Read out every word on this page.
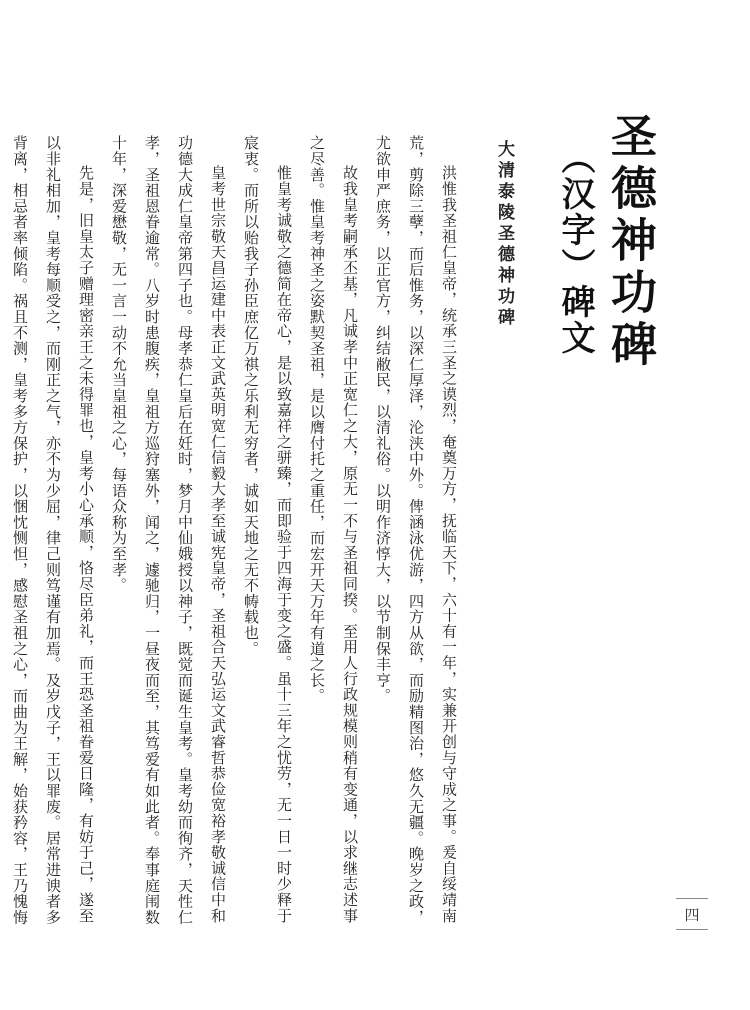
圣德神功碑
（汉字）碑文
大清泰陵圣德神功碑

洪惟我圣祖仁皇帝，统承三圣之谟烈，奄奠万方，抚临天下，六十有一年，实兼开创与守成之事。爰自绥靖南荒，剪除三孽，而后惟务，以深仁厚泽，沦浃中外。俾涵泳优游，四方从欲，而励精图治，悠久无疆。晚岁之政，尤欲申严庶务，以正官方，纠结敝民，以清礼俗。以明作济惇大，以节制保丰亨。

故我皇考嗣承丕基，凡诚孝中正宽仁之大，原无一不与圣祖同揆。至用人行政规模则稍有变通，以求继志述事之尽善。惟皇考神圣之姿默契圣祖，是以膺付托之重任，而宏开天万年有道之长。

惟皇考诚敬之德简在帝心，是以致嘉祥之骈臻，而即验于四海于变之盛。虽十三年之忧劳，无一日一时少释于宸衷。而所以贻我子孙臣庶亿万祺之乐利无穷者，诚如天地之无不帱载也。

皇考世宗敬天昌运建中表正文武英明宽仁信毅大孝至诚宪皇帝，圣祖合天弘运文武睿哲恭俭宽裕孝敬诚信中和功德大成仁皇帝第四子也。母孝恭仁皇后在妊时，梦月中仙娥授以神子，既觉而诞生皇考。皇考幼而徇齐，天性仁孝，圣祖恩眷逾常。八岁时患腹疾，皇祖方巡狩塞外，闻之，遽驰归，一昼夜而至，其笃爱有如此者。奉事庭闱数十年，深爱懋敬，无一言一动不允当皇祖之心，每语众称为至孝。

先是，旧皇太子赠理密亲王之未得罪也，皇考小心承顺，恪尽臣弟礼，而王恐圣祖眷爱日隆，有妨于己，遂至以非礼相加，皇考每顺受之，而刚正之气，亦不为少屈，律己则笃谨有加焉。及岁戊子，王以罪废。居常进谀者多背离，相忌者率倾陷。祸且不测，皇考多方保护，以悃忱恻怛，感慰圣祖之心，而曲为王解，始获矜容，王乃愧悔	四
